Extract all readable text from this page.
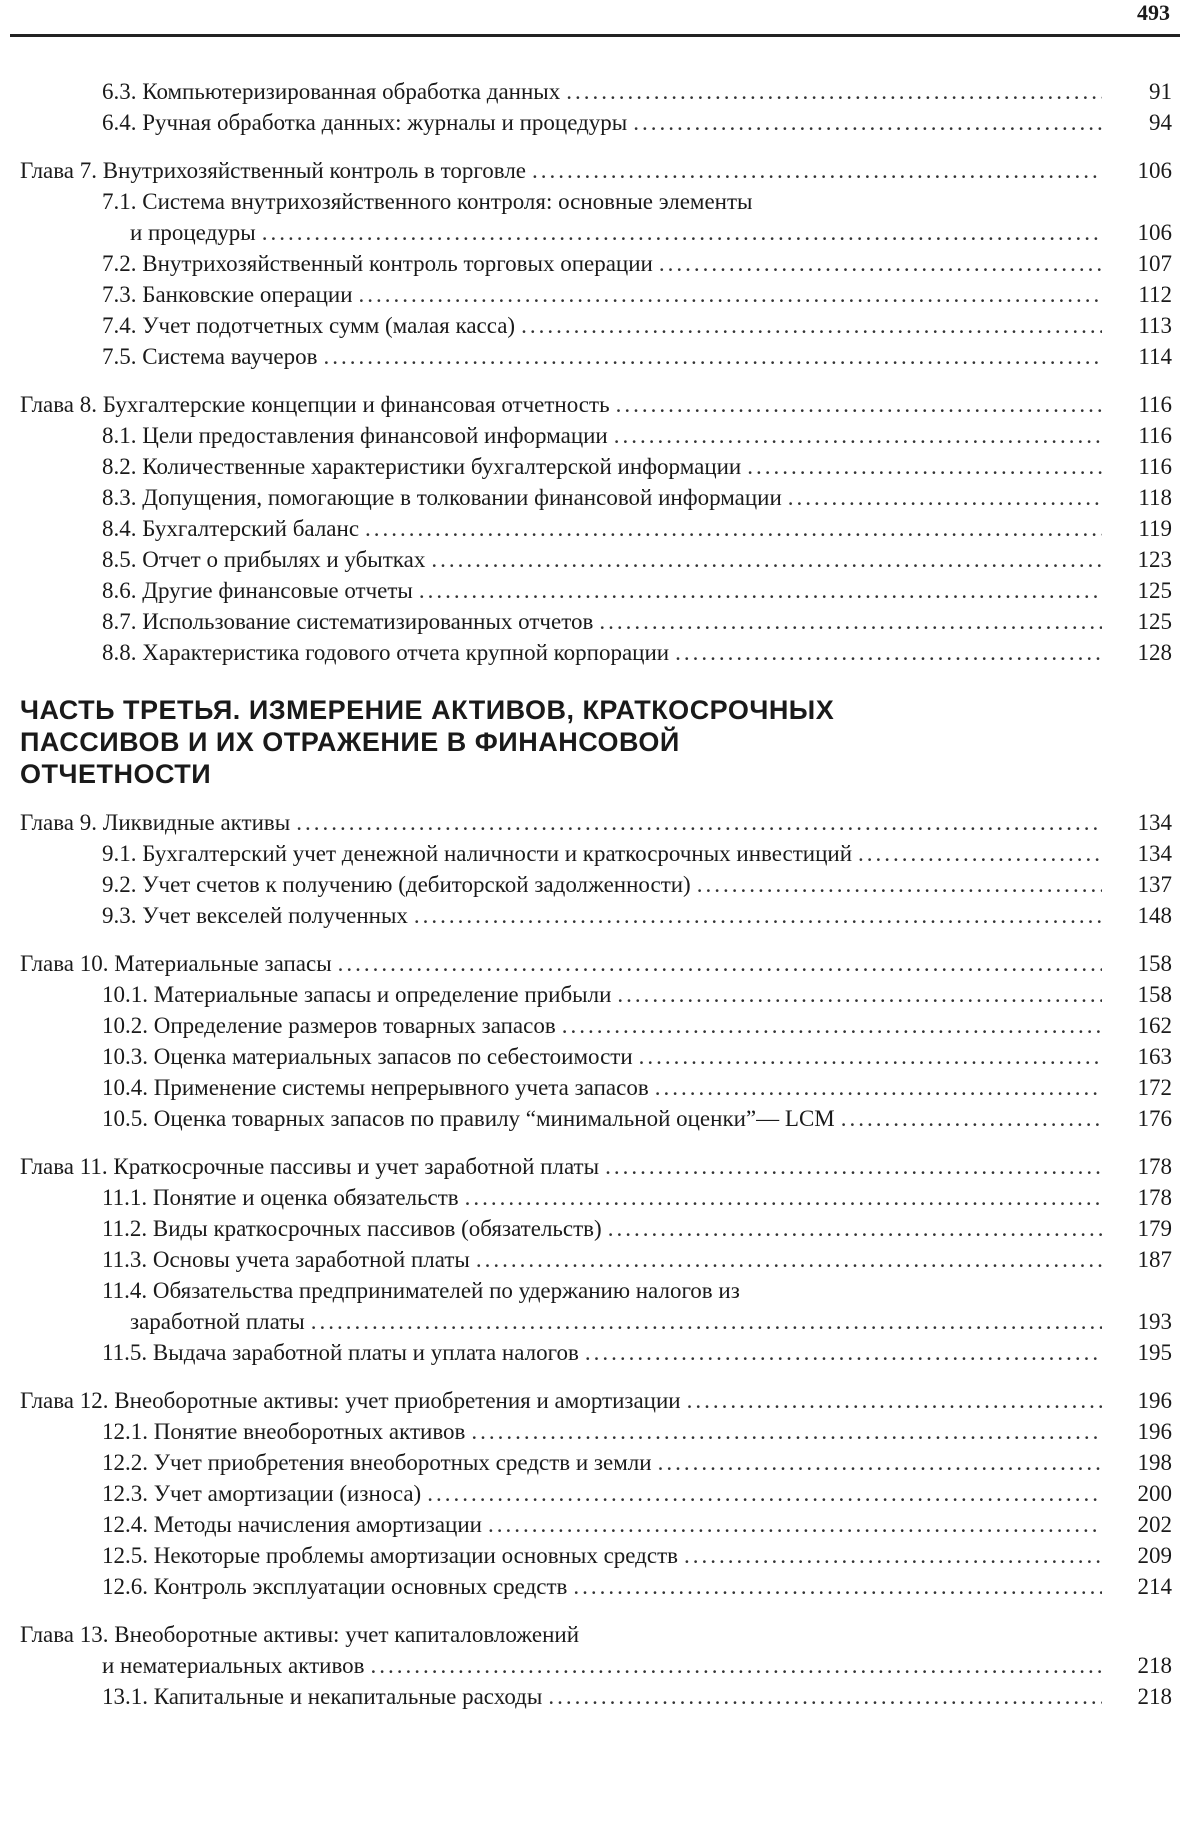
493
6.3. Компьютеризированная обработка данных .....	91
6.4. Ручная обработка данных: журналы и процедуры .....	94
Глава 7. Внутрихозяйственный контроль в торговле .....	106
7.1. Система внутрихозяйственного контроля: основные элементы
и процедуры .....	106
7.2. Внутрихозяйственный контроль торговых операции .....	107
7.3. Банковские операции .....	112
7.4. Учет подотчетных сумм (малая касса) .....	113
7.5. Система ваучеров .....	114
Глава 8. Бухгалтерские концепции и финансовая отчетность .....	116
8.1. Цели предоставления финансовой информации .....	116
8.2. Количественные характеристики бухгалтерской информации .....	116
8.3. Допущения, помогающие в толковании финансовой информации .....	118
8.4. Бухгалтерский баланс .....	119
8.5. Отчет о прибылях и убытках .....	123
8.6. Другие финансовые отчеты .....	125
8.7. Использование систематизированных отчетов .....	125
8.8. Характеристика годового отчета крупной корпорации .....	128
ЧАСТЬ ТРЕТЬЯ. ИЗМЕРЕНИЕ АКТИВОВ, КРАТКОСРОЧНЫХ
ПАССИВОВ И ИХ ОТРАЖЕНИЕ В ФИНАНСОВОЙ
ОТЧЕТНОСТИ
Глава 9. Ликвидные активы .....	134
9.1. Бухгалтерский учет денежной наличности и краткосрочных инвестиций .....	134
9.2. Учет счетов к получению (дебиторской задолженности) .....	137
9.3. Учет векселей полученных .....	148
Глава 10. Материальные запасы .....	158
10.1. Материальные запасы и определение прибыли .....	158
10.2. Определение размеров товарных запасов .....	162
10.3. Оценка материальных запасов по себестоимости .....	163
10.4. Применение системы непрерывного учета запасов .....	172
10.5. Оценка товарных запасов по правилу “минимальной оценки”— LCM .....	176
Глава 11. Краткосрочные пассивы и учет заработной платы .....	178
11.1. Понятие и оценка обязательств .....	178
11.2. Виды краткосрочных пассивов (обязательств) .....	179
11.3. Основы учета заработной платы .....	187
11.4. Обязательства предпринимателей по удержанию налогов из
заработной платы .....	193
11.5. Выдача заработной платы и уплата налогов .....	195
Глава 12. Внеоборотные активы: учет приобретения и амортизации .....	196
12.1. Понятие внеоборотных активов .....	196
12.2. Учет приобретения внеоборотных средств и земли .....	198
12.3. Учет амортизации (износа) .....	200
12.4. Методы начисления амортизации .....	202
12.5. Некоторые проблемы амортизации основных средств .....	209
12.6. Контроль эксплуатации основных средств .....	214
Глава 13. Внеоборотные активы: учет капиталовложений
и нематериальных активов .....	218
13.1. Капитальные и некапитальные расходы .....	218
